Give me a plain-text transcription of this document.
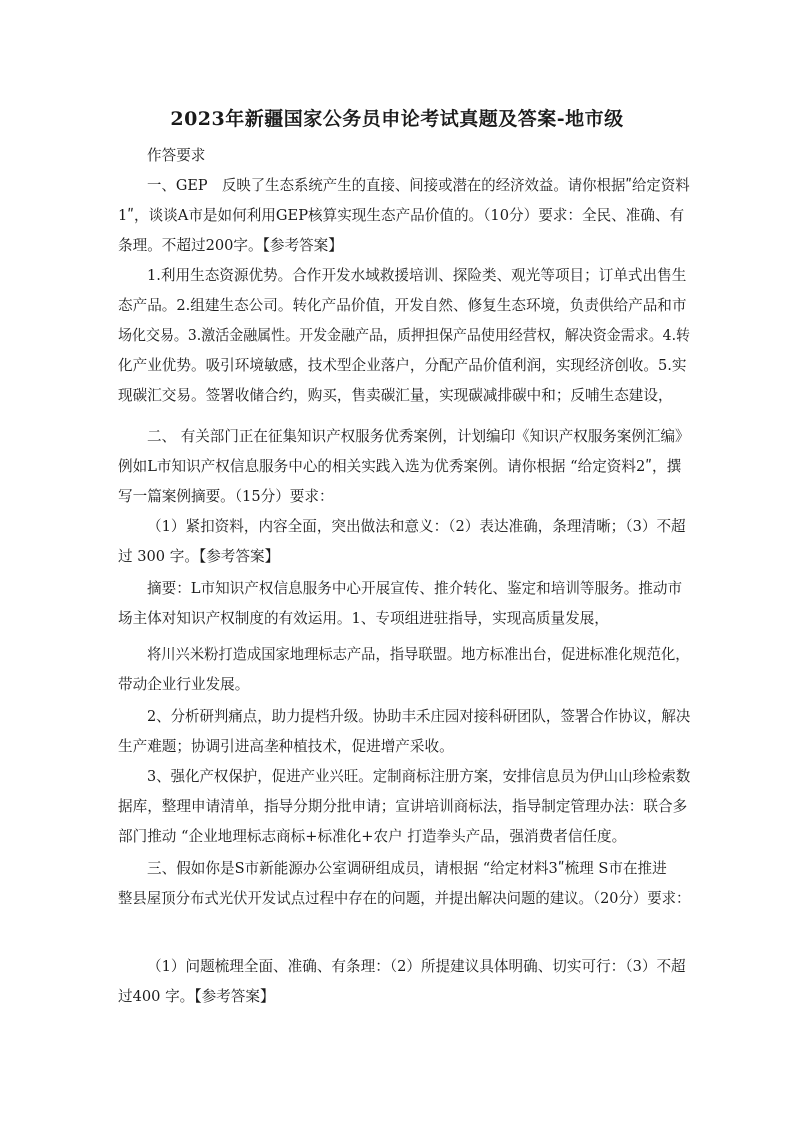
2023年新疆国家公务员申论考试真题及答案-地市级
作答要求
一、GEP　反映了生态系统产生的直接、间接或潜在的经济效益。请你根据ʺ给定资料
1ʺ，谈谈A市是如何利用GEP核算实现生态产品价值的。（10分）要求：全民、准确、有
条理。不超过200字。【参考答案】
1.利用生态资源优势。合作开发水域救援培训、探险类、观光等项目；订单式出售生
态产品。2.组建生态公司。转化产品价值，开发自然、修复生态环境，负责供给产品和市
场化交易。3.激活金融属性。开发金融产品，质押担保产品使用经营权，解决资金需求。4.转
化产业优势。吸引环境敏感，技术型企业落户，分配产品价值利润，实现经济创收。5.实
现碳汇交易。签署收储合约，购买，售卖碳汇量，实现碳减排碳中和；反哺生态建设，
二、 有关部门正在征集知识产权服务优秀案例，计划编印《知识产权服务案例汇编》
例如L市知识产权信息服务中心的相关实践入选为优秀案例。请你根据 “给定资料2ʺ，撰
写一篇案例摘要。（15分）要求：
（1）紧扣资料，内容全面，突出做法和意义：（2）表达准确，条理清晰；（3）不超
过 300 字。【参考答案】
摘要：L市知识产权信息服务中心开展宣传、推介转化、鉴定和培训等服务。推动市
场主体对知识产权制度的有效运用。1、专项组进驻指导，实现高质量发展，
将川兴米粉打造成国家地理标志产品，指导联盟。地方标准出台，促进标准化规范化，
带动企业行业发展。
2、分析研判痛点，助力提档升级。协助丰禾庄园对接科研团队，签署合作协议，解决
生产难题；协调引进高垄种植技术，促进增产采收。
3、强化产权保护，促进产业兴旺。定制商标注册方案，安排信息员为伊山山珍检索数
据库，整理申请清单，指导分期分批申请；宣讲培训商标法，指导制定管理办法：联合多
部门推动 “企业地理标志商标+标准化+农户 打造拳头产品，强消费者信任度。
三、假如你是S市新能源办公室调研组成员，请根据 “给定材料3ʺ梳理 S市在推进
整县屋顶分布式光伏开发试点过程中存在的问题，并提出解决问题的建议。（20分）要求：
（1）问题梳理全面、准确、有条理：（2）所提建议具体明确、切实可行：（3）不超
过400 字。【参考答案】
